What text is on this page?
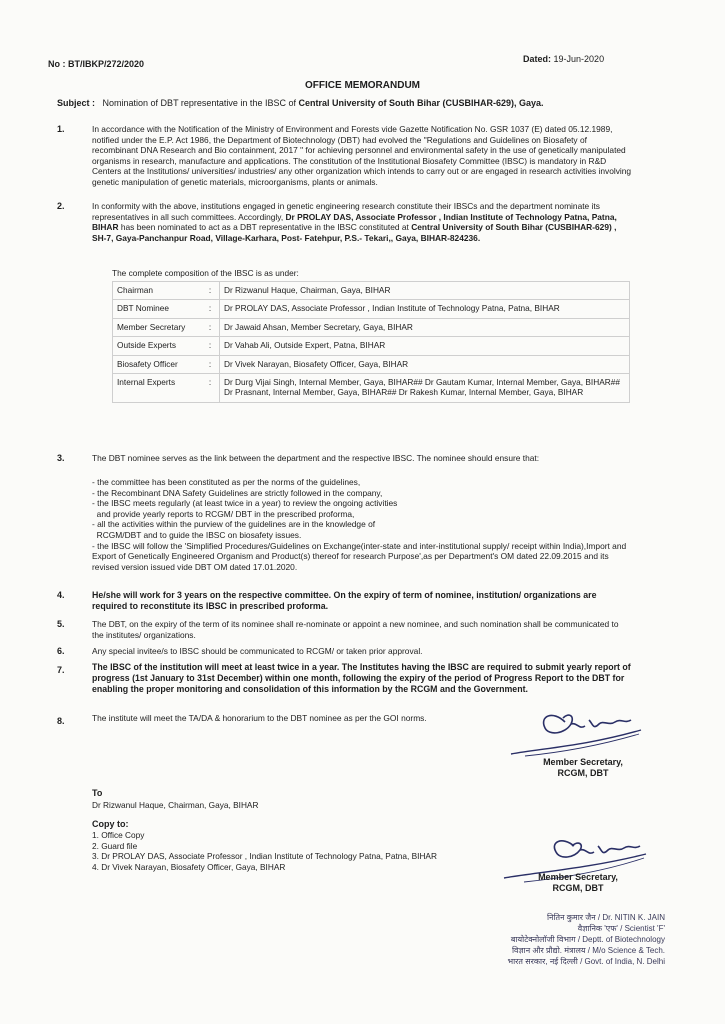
No : BT/IBKP/272/2020	Dated: 19-Jun-2020
OFFICE MEMORANDUM
Subject : Nomination of DBT representative in the IBSC of Central University of South Bihar (CUSBIHAR-629), Gaya.
1.	In accordance with the Notification of the Ministry of Environment and Forests vide Gazette Notification No. GSR 1037 (E) dated 05.12.1989, notified under the E.P. Act 1986, the Department of Biotechnology (DBT) had evolved the "Regulations and Guidelines on Biosafety of recombinant DNA Research and Bio containment, 2017 " for achieving personnel and environmental safety in the use of genetically manipulated organisms in research, manufacture and applications. The constitution of the Institutional Biosafety Committee (IBSC) is mandatory in R&D Centers at the Institutions/ universities/ industries/ any other organization which intends to carry out or are engaged in research activities involving genetic manipulation of genetic materials, microorganisms, plants or animals.
2.	In conformity with the above, institutions engaged in genetic engineering research constitute their IBSCs and the department nominate its representatives in all such committees. Accordingly, Dr PROLAY DAS, Associate Professor , Indian Institute of Technology Patna, Patna, BIHAR has been nominated to act as a DBT representative in the IBSC constituted at Central University of South Bihar (CUSBIHAR-629) , SH-7, Gaya-Panchanpur Road, Village-Karhara, Post- Fatehpur, P.S.- Tekari,, Gaya, BIHAR-824236.
The complete composition of the IBSC is as under:
Chairman	:	Dr Rizwanul Haque, Chairman, Gaya, BIHAR
DBT Nominee	:	Dr PROLAY DAS, Associate Professor , Indian Institute of Technology Patna, Patna, BIHAR
Member Secretary	:	Dr Jawaid Ahsan, Member Secretary, Gaya, BIHAR
Outside Experts	:	Dr Vahab Ali, Outside Expert, Patna, BIHAR
Biosafety Officer	:	Dr Vivek Narayan, Biosafety Officer, Gaya, BIHAR
Internal Experts	:	Dr Durg Vijai Singh, Internal Member, Gaya, BIHAR## Dr Gautam Kumar, Internal Member, Gaya, BIHAR## Dr Prasnant, Internal Member, Gaya, BIHAR## Dr Rakesh Kumar, Internal Member, Gaya, BIHAR
3.	The DBT nominee serves as the link between the department and the respective IBSC. The nominee should ensure that:
- the committee has been constituted as per the norms of the guidelines,
- the Recombinant DNA Safety Guidelines are strictly followed in the company,
- the IBSC meets regularly (at least twice in a year) to review the ongoing activities
and provide yearly reports to RCGM/ DBT in the prescribed proforma,
- all the activities within the purview of the guidelines are in the knowledge of
RCGM/DBT and to guide the IBSC on biosafety issues.
- the IBSC will follow the 'Simplified Procedures/Guidelines on Exchange(inter-state and inter-institutional supply/ receipt within India),Import and Export of Genetically Engineered Organism and Product(s) thereof for research Purpose',as per Department's OM dated 22.09.2015 and its revised version issued vide DBT OM dated 17.01.2020.
4.	He/she will work for 3 years on the respective committee. On the expiry of term of nominee, institution/ organizations are required to reconstitute its IBSC in prescribed proforma.
5.	The DBT, on the expiry of the term of its nominee shall re-nominate or appoint a new nominee, and such nomination shall be communicated to the institutes/ organizations.
6.	Any special invitee/s to IBSC should be communicated to RCGM/ or taken prior approval.
7.	The IBSC of the institution will meet at least twice in a year. The Institutes having the IBSC are required to submit yearly report of progress (1st January to 31st December) within one month, following the expiry of the period of Progress Report to the DBT for enabling the proper monitoring and consolidation of this information by the RCGM and the Government.
8.	The institute will meet the TA/DA & honorarium to the DBT nominee as per the GOI norms.
Member Secretary,
RCGM, DBT
To
Dr Rizwanul Haque, Chairman, Gaya, BIHAR
Copy to:
1. Office Copy
2. Guard file
3. Dr PROLAY DAS, Associate Professor , Indian Institute of Technology Patna, Patna, BIHAR
4. Dr Vivek Narayan, Biosafety Officer, Gaya, BIHAR
Member Secretary,
RCGM, DBT
नितिन कुमार जैन / Dr. NITIN K. JAIN
वैज्ञानिक 'एफ' / Scientist 'F'
बायोटेक्नोलॉजी विभाग / Deptt. of Biotechnology
विज्ञान और प्रौद्यो. मंत्रालय / M/o Science & Tech.
भारत सरकार, नई दिल्ली / Govt. of India, N. Delhi
